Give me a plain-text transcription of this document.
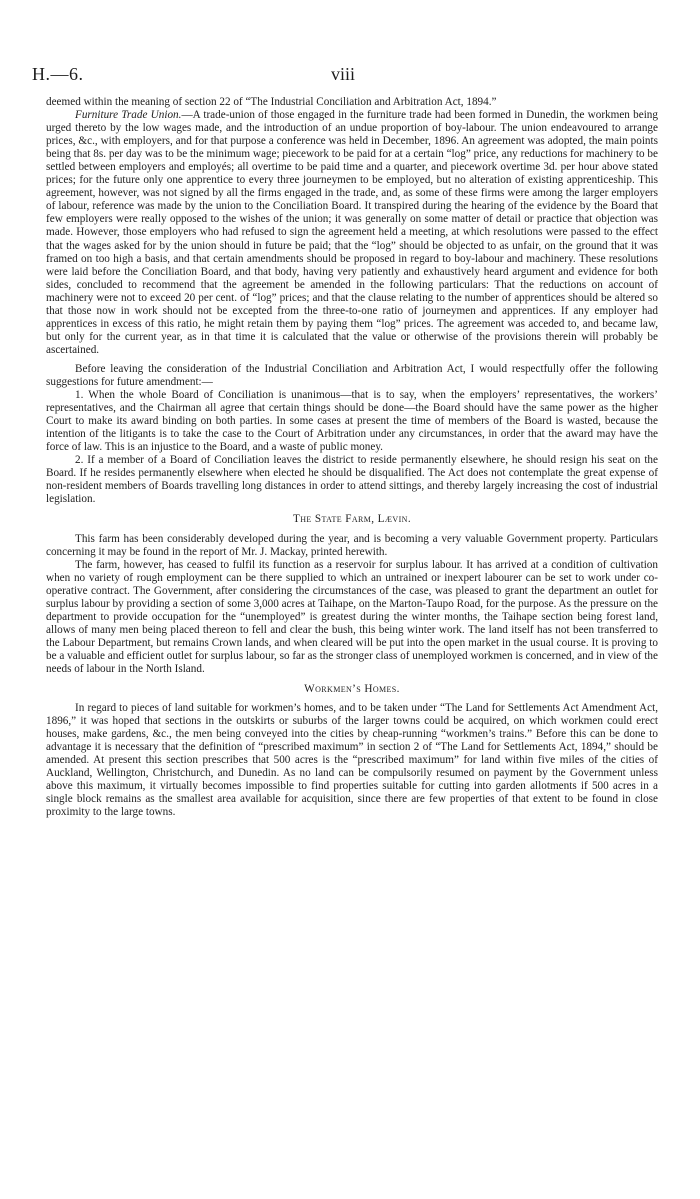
H.—6.	viii

deemed within the meaning of section 22 of “The Industrial Conciliation and Arbitration Act, 1894.”

Furniture Trade Union.—A trade-union of those engaged in the furniture trade had been formed in Dunedin, the workmen being urged thereto by the low wages made, and the introduction of an undue proportion of boy-labour. The union endeavoured to arrange prices, &c., with employers, and for that purpose a conference was held in December, 1896. An agreement was adopted, the main points being that 8s. per day was to be the minimum wage; piecework to be paid for at a certain “log” price, any reductions for machinery to be settled between employers and employés; all overtime to be paid time and a quarter, and piecework overtime 3d. per hour above stated prices; for the future only one apprentice to every three journeymen to be employed, but no alteration of existing apprenticeship. This agreement, however, was not signed by all the firms engaged in the trade, and, as some of these firms were among the larger employers of labour, reference was made by the union to the Conciliation Board. It transpired during the hearing of the evidence by the Board that few employers were really opposed to the wishes of the union; it was generally on some matter of detail or practice that objection was made. However, those employers who had refused to sign the agreement held a meeting, at which resolutions were passed to the effect that the wages asked for by the union should in future be paid; that the “log” should be objected to as unfair, on the ground that it was framed on too high a basis, and that certain amendments should be proposed in regard to boy-labour and machinery. These resolutions were laid before the Conciliation Board, and that body, having very patiently and exhaustively heard argument and evidence for both sides, concluded to recommend that the agreement be amended in the following particulars: That the reductions on account of machinery were not to exceed 20 per cent. of “log” prices; and that the clause relating to the number of apprentices should be altered so that those now in work should not be excepted from the three-to-one ratio of journeymen and apprentices. If any employer had apprentices in excess of this ratio, he might retain them by paying them “log” prices. The agreement was acceded to, and became law, but only for the current year, as in that time it is calculated that the value or otherwise of the provisions therein will probably be ascertained.

Before leaving the consideration of the Industrial Conciliation and Arbitration Act, I would respectfully offer the following suggestions for future amendment:—

1. When the whole Board of Conciliation is unanimous—that is to say, when the employers’ representatives, the workers’ representatives, and the Chairman all agree that certain things should be done—the Board should have the same power as the higher Court to make its award binding on both parties. In some cases at present the time of members of the Board is wasted, because the intention of the litigants is to take the case to the Court of Arbitration under any circumstances, in order that the award may have the force of law. This is an injustice to the Board, and a waste of public money.

2. If a member of a Board of Conciliation leaves the district to reside permanently elsewhere, he should resign his seat on the Board. If he resides permanently elsewhere when elected he should be disqualified. The Act does not contemplate the great expense of non-resident members of Boards travelling long distances in order to attend sittings, and thereby largely increasing the cost of industrial legislation.

The State Farm, Lævin.

This farm has been considerably developed during the year, and is becoming a very valuable Government property. Particulars concerning it may be found in the report of Mr. J. Mackay, printed herewith.

The farm, however, has ceased to fulfil its function as a reservoir for surplus labour. It has arrived at a condition of cultivation when no variety of rough employment can be there supplied to which an untrained or inexpert labourer can be set to work under co-operative contract. The Government, after considering the circumstances of the case, was pleased to grant the department an outlet for surplus labour by providing a section of some 3,000 acres at Taihape, on the Marton-Taupo Road, for the purpose. As the pressure on the department to provide occupation for the “unemployed” is greatest during the winter months, the Taihape section being forest land, allows of many men being placed thereon to fell and clear the bush, this being winter work. The land itself has not been transferred to the Labour Department, but remains Crown lands, and when cleared will be put into the open market in the usual course. It is proving to be a valuable and efficient outlet for surplus labour, so far as the stronger class of unemployed workmen is concerned, and in view of the needs of labour in the North Island.

Workmen’s Homes.

In regard to pieces of land suitable for workmen’s homes, and to be taken under “The Land for Settlements Act Amendment Act, 1896,” it was hoped that sections in the outskirts or suburbs of the larger towns could be acquired, on which workmen could erect houses, make gardens, &c., the men being conveyed into the cities by cheap-running “workmen’s trains.” Before this can be done to advantage it is necessary that the definition of “prescribed maximum” in section 2 of “The Land for Settlements Act, 1894,” should be amended. At present this section prescribes that 500 acres is the “prescribed maximum” for land within five miles of the cities of Auckland, Wellington, Christchurch, and Dunedin. As no land can be compulsorily resumed on payment by the Government unless above this maximum, it virtually becomes impossible to find properties suitable for cutting into garden allotments if 500 acres in a single block remains as the smallest area available for acquisition, since there are few properties of that extent to be found in close proximity to the large towns.
